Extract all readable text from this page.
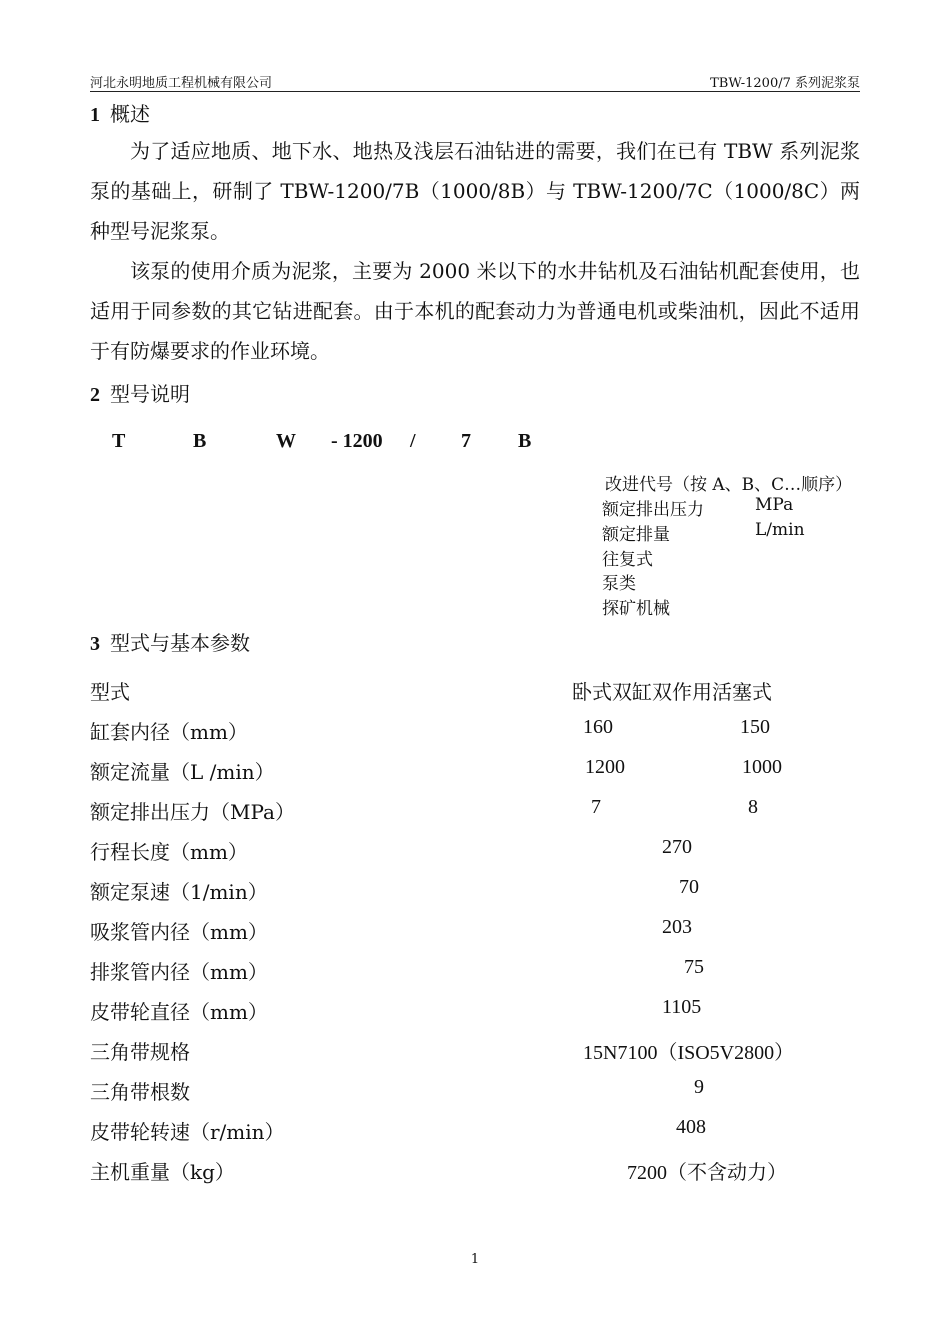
河北永明地质工程机械有限公司	TBW-1200/7 系列泥浆泵
1 概述

为了适应地质、地下水、地热及浅层石油钻进的需要，我们在已有 TBW 系列泥浆泵的基础上，研制了 TBW-1200/7B（1000/8B）与 TBW-1200/7C（1000/8C）两种型号泥浆泵。

该泵的使用介质为泥浆，主要为 2000 米以下的水井钻机及石油钻机配套使用，也适用于同参数的其它钻进配套。由于本机的配套动力为普通电机或柴油机，因此不适用于有防爆要求的作业环境。

2 型号说明
T	B	W - 1200 / 7 B
改进代号（按 A、B、C…顺序）
额定排出压力	MPa
额定排量	L/min
往复式
泵类
探矿机械
3 型式与基本参数
型式	卧式双缸双作用活塞式
缸套内径（mm）	160	150
额定流量（L /min）	1200	1000
额定排出压力（MPa）	7	8
行程长度（mm）	270
额定泵速（1/min）	70
吸浆管内径（mm）	203
排浆管内径（mm）	75
皮带轮直径（mm）	1105
三角带规格	15N7100（ISO5V2800）
三角带根数	9
皮带轮转速（r/min）	408
主机重量（kg）	7200（不含动力）
1
